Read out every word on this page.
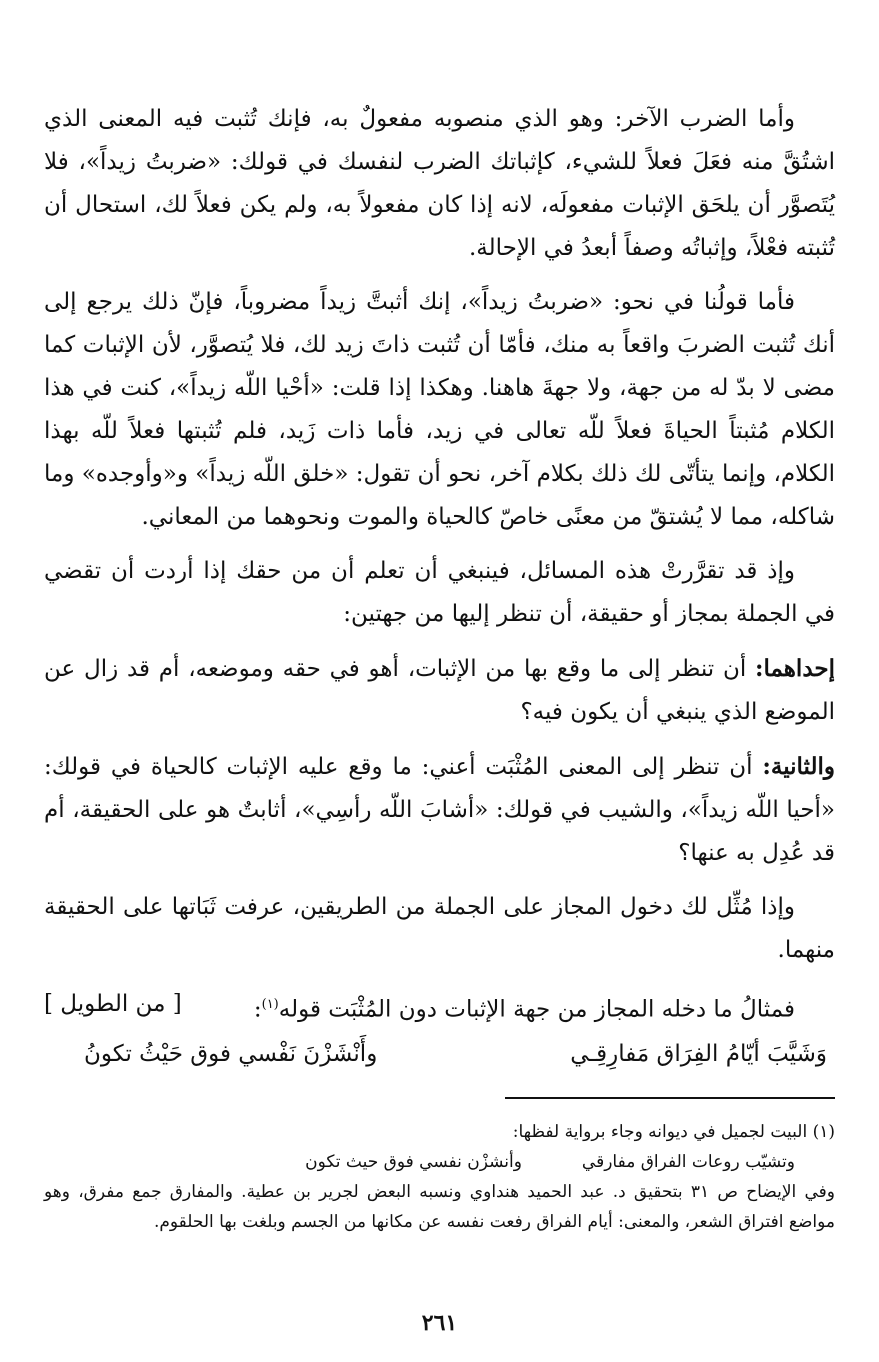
وأما الضرب الآخر: وهو الذي منصوبه مفعولٌ به، فإنك تُثبت فيه المعنى الذي اشتُقَّ منه فعَلَ فعلاً للشيء، كإثباتك الضرب لنفسك في قولك: «ضربتُ زيداً»، فلا يُتَصوَّر أن يلحَق الإثبات مفعولَه، لانه إذا كان مفعولاً به، ولم يكن فعلاً لك، استحال أن تُثبته فعْلاً، وإثباتُه وصفاً أبعدُ في الإحالة.

فأما قولُنا في نحو: «ضربتُ زيداً»، إنك أثبتَّ زيداً مضروباً، فإنّ ذلك يرجع إلى أنك تُثبت الضربَ واقعاً به منك، فأمّا أن تُثبت ذاتَ زيد لك، فلا يُتصوَّر، لأن الإثبات كما مضى لا بدّ له من جهة، ولا جهةَ هاهنا. وهكذا إذا قلت: «أحْيا اللّه زيداً»، كنت في هذا الكلام مُثبتاً الحياةَ فعلاً للّه تعالى في زيد، فأما ذات زَيد، فلم تُثبتها فعلاً للّه بهذا الكلام، وإنما يتأتّى لك ذلك بكلام آخر، نحو أن تقول: «خلق اللّه زيداً» و«وأوجده» وما شاكله، مما لا يُشتقّ من معنًى خاصّ كالحياة والموت ونحوهما من المعاني.

وإذ قد تقرَّرتْ هذه المسائل، فينبغي أن تعلم أن من حقك إذا أردت أن تقضي في الجملة بمجاز أو حقيقة، أن تنظر إليها من جهتين:

إحداهما: أن تنظر إلى ما وقع بها من الإثبات، أهو في حقه وموضعه، أم قد زال عن الموضع الذي ينبغي أن يكون فيه؟

والثانية: أن تنظر إلى المعنى المُثْبَت أعني: ما وقع عليه الإثبات كالحياة في قولك: «أحيا اللّه زيداً»، والشيب في قولك: «أشابَ اللّه رأسِي»، أثابتٌ هو على الحقيقة، أم قد عُدِل به عنها؟

وإذا مُثِّل لك دخول المجاز على الجملة من الطريقين، عرفت ثَبَاتها على الحقيقة منهما.

فمثالُ ما دخله المجاز من جهة الإثبات دون المُثْبَت قوله$^{(١)}$:
[ من الطويل ]
وَشَيَّبَ أيّامُ الفِرَاق مَفارِقِـي
وأَنْشَزْنَ نَفْسي فوق حَيْثُ تكونُ

(١) البيت لجميل في ديوانه وجاء برواية لفظها:

وتشيّب روعات الفراق مفارقي
وأنشزْن نفسي فوق حيث تكون

وفي الإيضاح ص ٣١ بتحقيق د. عبد الحميد هنداوي ونسبه البعض لجرير بن عطية. والمفارق جمع مفرق، وهو مواضع افتراق الشعر، والمعنى: أيام الفراق رفعت نفسه عن مكانها من الجسم وبلغت بها الحلقوم.

٢٦١
